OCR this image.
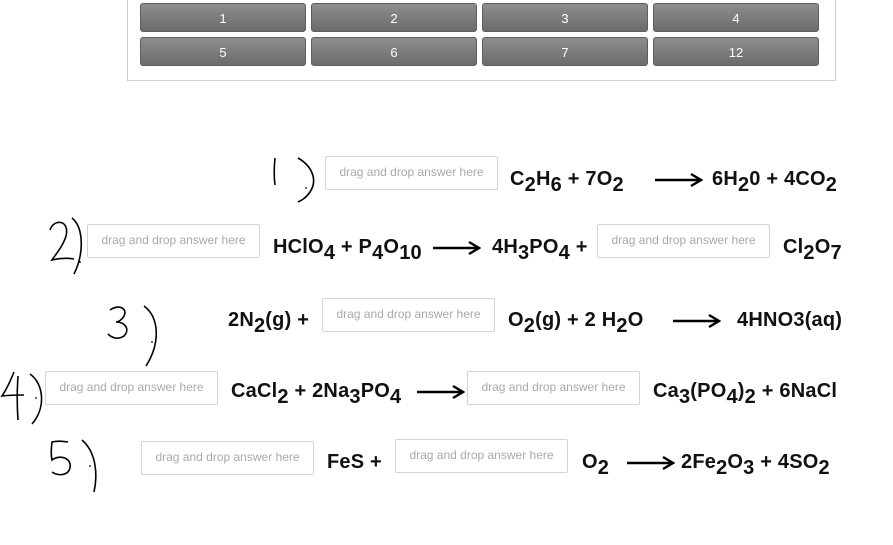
1	2	3	4
5	6	7	12
drag and drop answer here	$C_2H_6 + 7O_2$	$6H_20 + 4CO_2$
drag and drop answer here	HClO$_4$ + $P_4O_{10}$	$4H_3PO_4$ +	drag and drop answer here	$Cl_2O_7$
$2N_2(g)$ +	drag and drop answer here	$O_2(g) + 2$ $H_2O$	4HNO3(aq)
drag and drop answer here	CaCl$_2$ + $2Na_3PO_4$	drag and drop answer here	$Ca_3(PO_4)_2$ + 6NaCl
drag and drop answer here	FeS +	drag and drop answer here	$O_2$	$2Fe_2O_3 + 4SO_2$
